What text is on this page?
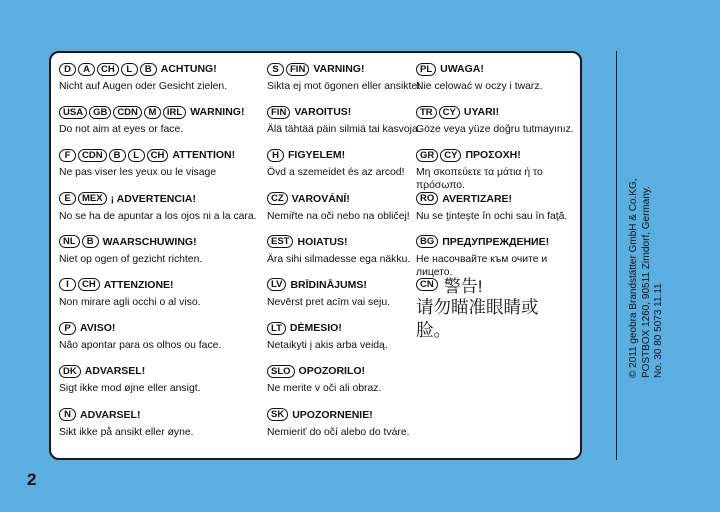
D	A	CH	L	B ACHTUNG!
Nicht auf Augen oder Gesicht zielen.
USA	GB	CDN	M	IRL WARNING!
Do not aim at eyes or face.
F	CDN	B	L	CH ATTENTION!
Ne pas viser les yeux ou le visage
E	MEX ¡ ADVERTENCIA!
No se ha de apuntar a los ojos ni a la cara.
NL	B WAARSCHUWING!
Niet op ogen of gezicht richten.
I	CH ATTENZIONE!
Non mirare agli occhi o al viso.
P AVISO!
Não apontar para os olhos ou face.
DK ADVARSEL!
Sigt ikke mod øjne eller ansigt.
N ADVARSEL!
Sikt ikke på ansikt eller øyne.
S	FIN VARNING!
Sikta ej mot ögonen eller ansiktet.
FIN VAROITUS!
Älä tähtää päin silmiä tai kasvoja.
H FIGYELEM!
Övd a szemeidet és az arcod!
CZ VAROVÁNÍ!
Nemiřte na oči nebo na obličej!
EST HOIATUS!
Ära sihi silmadesse ega näkku.
LV BRĪDINĀJUMS!
Nevērst pret acīm vai seju.
LT DĖMESIO!
Netaikyti į akis arba veidą.
SLO OPOZORILO!
Ne merite v oči ali obraz.
SK UPOZORNENIE!
Nemieriť do očí alebo do tváre.
PL UWAGA!
Nie celować w oczy i twarz.
TR	CY UYARI!
Göze veya yüze doğru tutmayınız.
GR	CY ΠΡΟΣΟΧΗ!
Μη σκοπεύετε τα μάτια ή το πρόσωπο.
RO AVERTIZARE!
Nu se ţinteşte în ochi sau în faţă.
BG ПРЕДУПРЕЖДЕНИЕ!
Не насочвайте към очите и лицето.
CN 警告!
请勿瞄准眼睛或脸。	© 2011 geobra Brandstätter GmbH & Co.KG, POSTBOX 1260, 90511 Zirndorf, Germany. No. 30 80 5073 11.11
2
